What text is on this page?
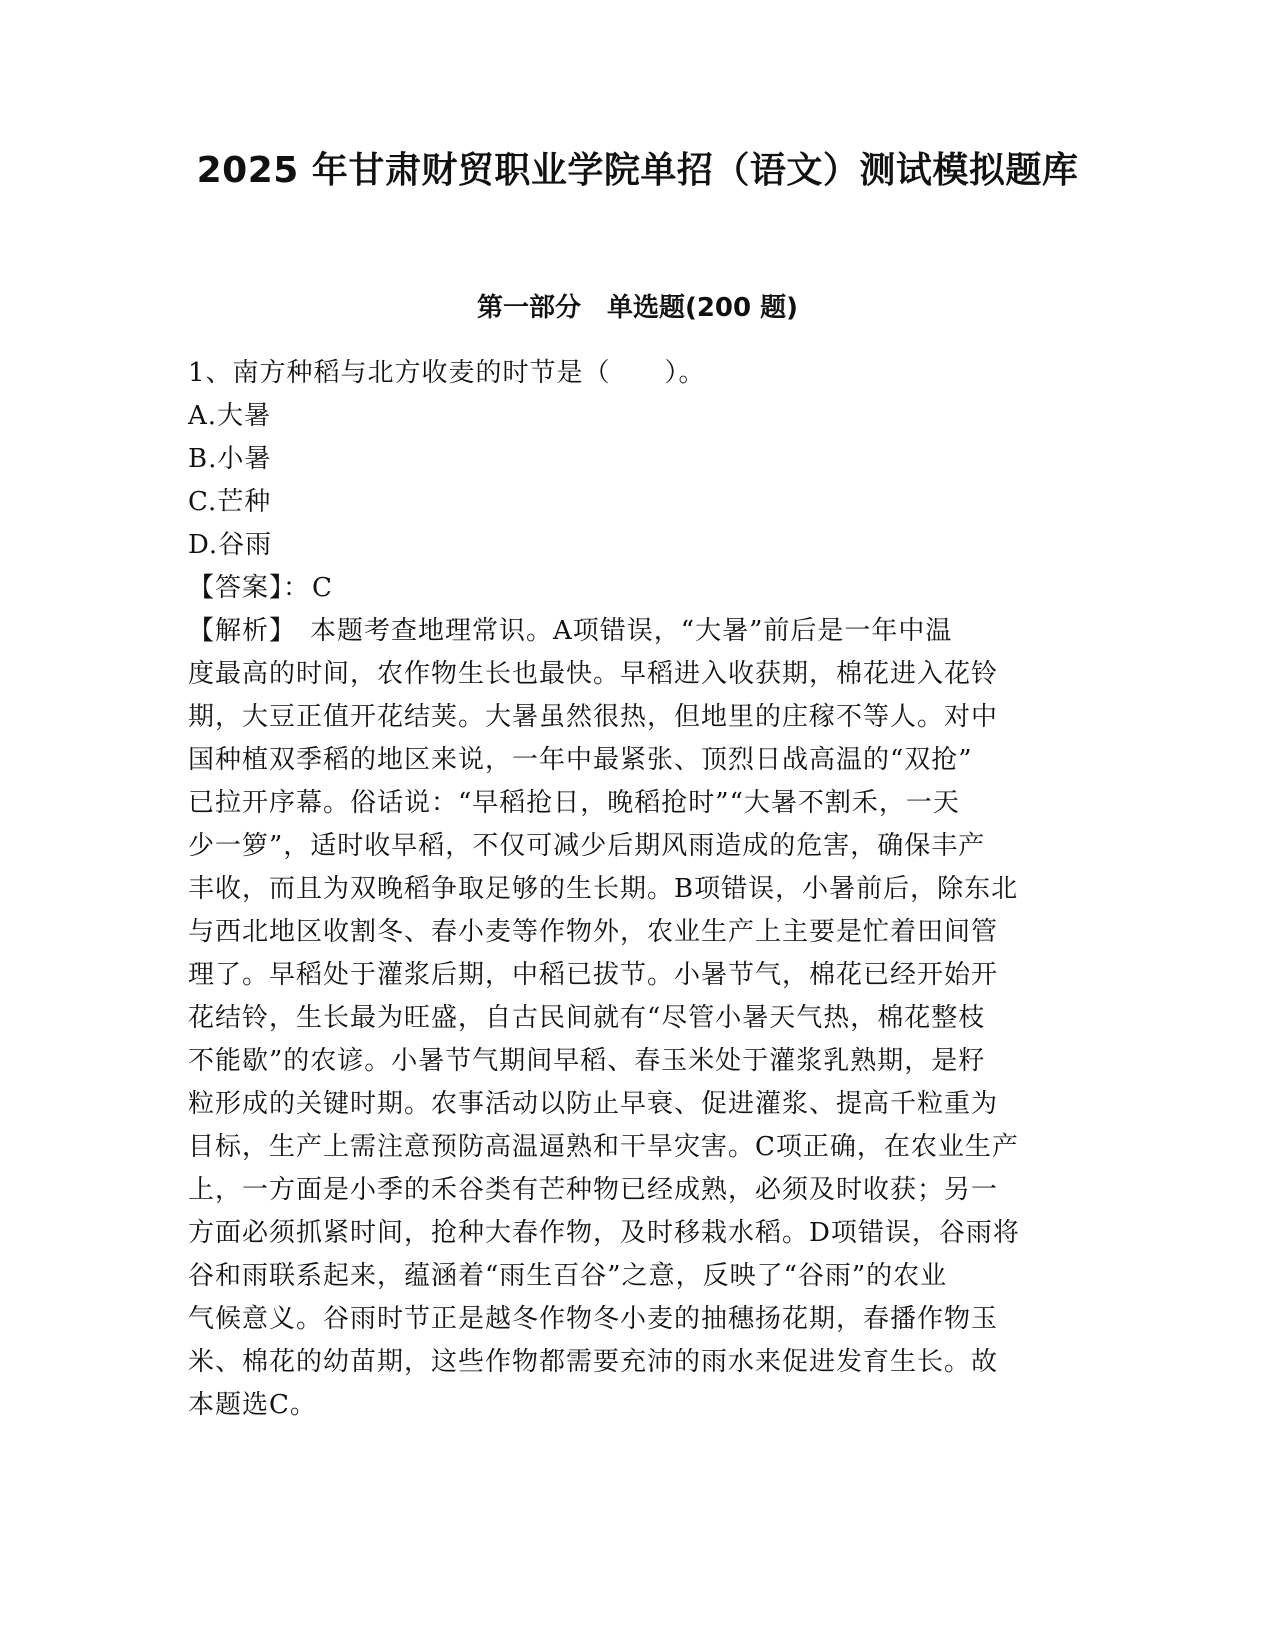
2025 年甘肃财贸职业学院单招（语文）测试模拟题库
第一部分　单选题(200 题)
1、南方种稻与北方收麦的时节是（　　）。
A.大暑
B.小暑
C.芒种
D.谷雨
【答案】：C
【解析】　本题考查地理常识。A项错误，“大暑”前后是一年中温
度最高的时间，农作物生长也最快。早稻进入收获期，棉花进入花铃
期，大豆正值开花结荚。大暑虽然很热，但地里的庄稼不等人。对中
国种植双季稻的地区来说，一年中最紧张、顶烈日战高温的“双抢”
已拉开序幕。俗话说：“早稻抢日，晚稻抢时”“大暑不割禾，一天
少一箩”，适时收早稻，不仅可减少后期风雨造成的危害，确保丰产
丰收，而且为双晚稻争取足够的生长期。B项错误，小暑前后，除东北
与西北地区收割冬、春小麦等作物外，农业生产上主要是忙着田间管
理了。早稻处于灌浆后期，中稻已拔节。小暑节气，棉花已经开始开
花结铃，生长最为旺盛，自古民间就有“尽管小暑天气热，棉花整枝
不能歇”的农谚。小暑节气期间早稻、春玉米处于灌浆乳熟期，是籽
粒形成的关键时期。农事活动以防止早衰、促进灌浆、提高千粒重为
目标，生产上需注意预防高温逼熟和干旱灾害。C项正确，在农业生产
上，一方面是小季的禾谷类有芒种物已经成熟，必须及时收获；另一
方面必须抓紧时间，抢种大春作物，及时移栽水稻。D项错误，谷雨将
谷和雨联系起来，蕴涵着“雨生百谷”之意，反映了“谷雨”的农业
气候意义。谷雨时节正是越冬作物冬小麦的抽穗扬花期，春播作物玉
米、棉花的幼苗期，这些作物都需要充沛的雨水来促进发育生长。故
本题选C。
